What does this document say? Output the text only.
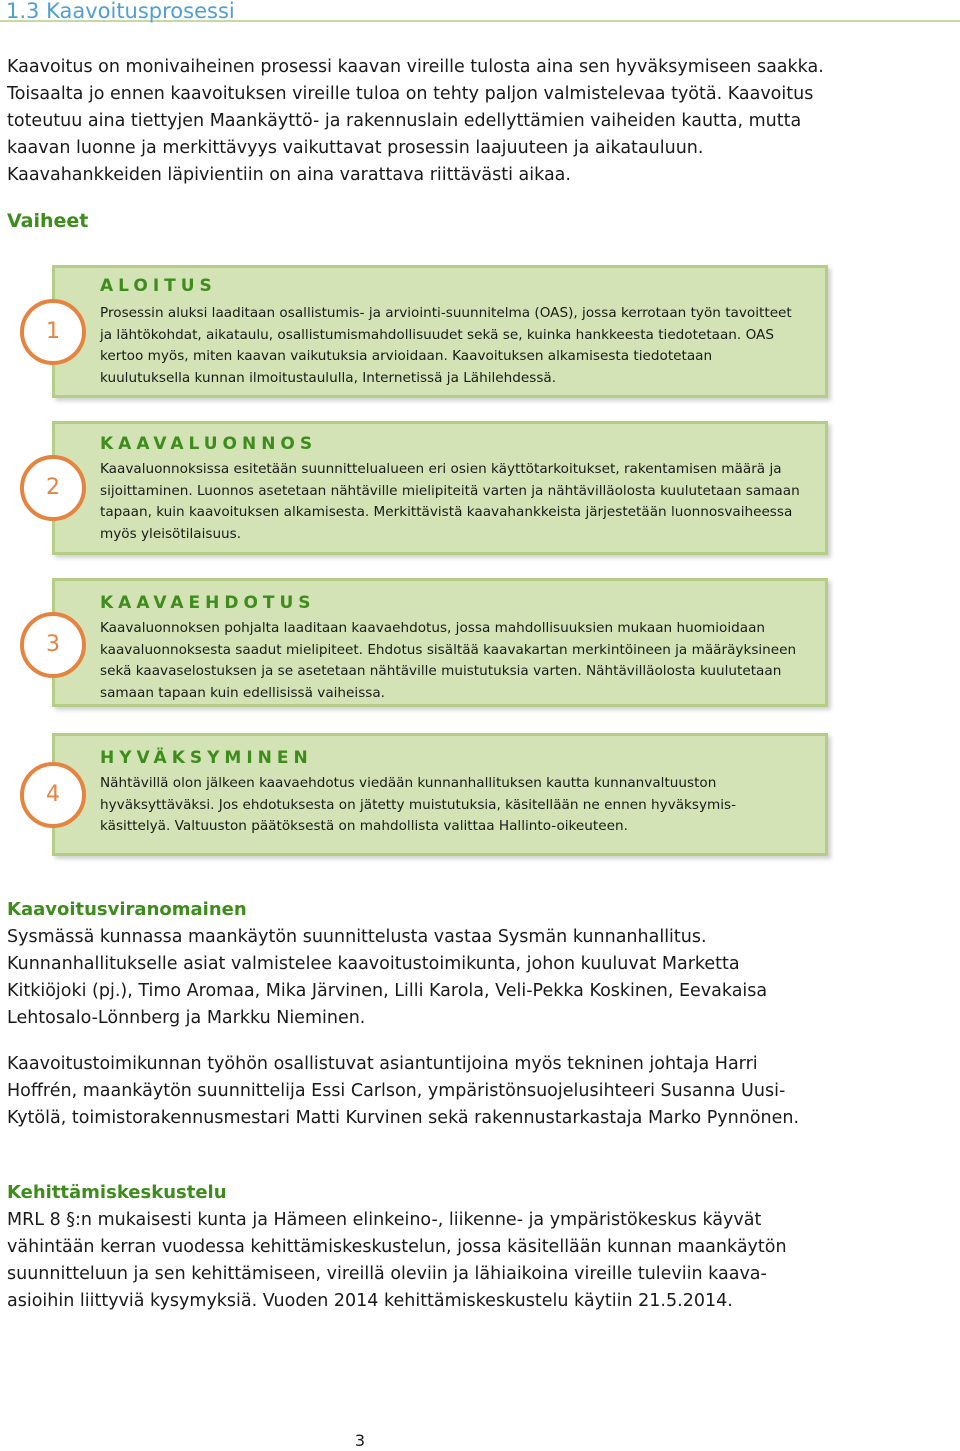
1.3 Kaavoitusprosessi

Kaavoitus on monivaiheinen prosessi kaavan vireille tulosta aina sen hyväksymiseen saakka. Toisaalta jo ennen kaavoituksen vireille tuloa on tehty paljon valmistelevaa työtä. Kaavoitus toteutuu aina tiettyjen Maankäyttö- ja rakennuslain edellyttämien vaiheiden kautta, mutta kaavan luonne ja merkittävyys vaikuttavat prosessin laajuuteen ja aikatauluun. Kaavahankkeiden läpivientiin on aina varattava riittävästi aikaa.

Vaiheet
ALOITUS

Prosessin aluksi laaditaan osallistumis- ja arviointi-suunnitelma (OAS), jossa kerrotaan työn tavoitteet ja lähtökohdat, aikataulu, osallistumismahdollisuudet sekä se, kuinka hankkeesta tiedotetaan. OAS kertoo myös, miten kaavan vaikutuksia arvioidaan. Kaavoituksen alkamisesta tiedotetaan kuulutuksella kunnan ilmoitustaululla, Internetissä ja Lähilehdessä.

1
KAAVALUONNOS

Kaavaluonnoksissa esitetään suunnittelualueen eri osien käyttötarkoitukset, rakentamisen määrä ja sijoittaminen. Luonnos asetetaan nähtäville mielipiteitä varten ja nähtävilläolosta kuulutetaan samaan tapaan, kuin kaavoituksen alkamisesta. Merkittävistä kaavahankkeista järjestetään luonnosvaiheessa myös yleisötilaisuus.

2
KAAVAEHDOTUS

Kaavaluonnoksen pohjalta laaditaan kaavaehdotus, jossa mahdollisuuksien mukaan huomioidaan kaavaluonnoksesta saadut mielipiteet. Ehdotus sisältää kaavakartan merkintöineen ja määräyksineen sekä kaavaselostuksen ja se asetetaan nähtäville muistutuksia varten. Nähtävilläolosta kuulutetaan samaan tapaan kuin edellisissä vaiheissa.

3
HYVÄKSYMINEN

Nähtävillä olon jälkeen kaavaehdotus viedään kunnanhallituksen kautta kunnanvaltuuston hyväksyttäväksi. Jos ehdotuksesta on jätetty muistutuksia, käsitellään ne ennen hyväksymis-käsittelyä. Valtuuston päätöksestä on mahdollista valittaa Hallinto-oikeuteen.

4
Kaavoitusviranomainen

Sysmässä kunnassa maankäytön suunnittelusta vastaa Sysmän kunnanhallitus. Kunnanhallitukselle asiat valmistelee kaavoitustoimikunta, johon kuuluvat Marketta Kitkiöjoki (pj.), Timo Aromaa, Mika Järvinen, Lilli Karola, Veli-Pekka Koskinen, Eevakaisa Lehtosalo-Lönnberg ja Markku Nieminen.

Kaavoitustoimikunnan työhön osallistuvat asiantuntijoina myös tekninen johtaja Harri Hoffrén, maankäytön suunnittelija Essi Carlson, ympäristönsuojelusihteeri Susanna Uusi-Kytölä, toimistorakennusmestari Matti Kurvinen sekä rakennustarkastaja Marko Pynnönen.

Kehittämiskeskustelu

MRL 8 §:n mukaisesti kunta ja Hämeen elinkeino-, liikenne- ja ympäristökeskus käyvät vähintään kerran vuodessa kehittämiskeskustelun, jossa käsitellään kunnan maankäytön suunnitteluun ja sen kehittämiseen, vireillä oleviin ja lähiaikoina vireille tuleviin kaava-asioihin liittyviä kysymyksiä. Vuoden 2014 kehittämiskeskustelu käytiin 21.5.2014.

3
